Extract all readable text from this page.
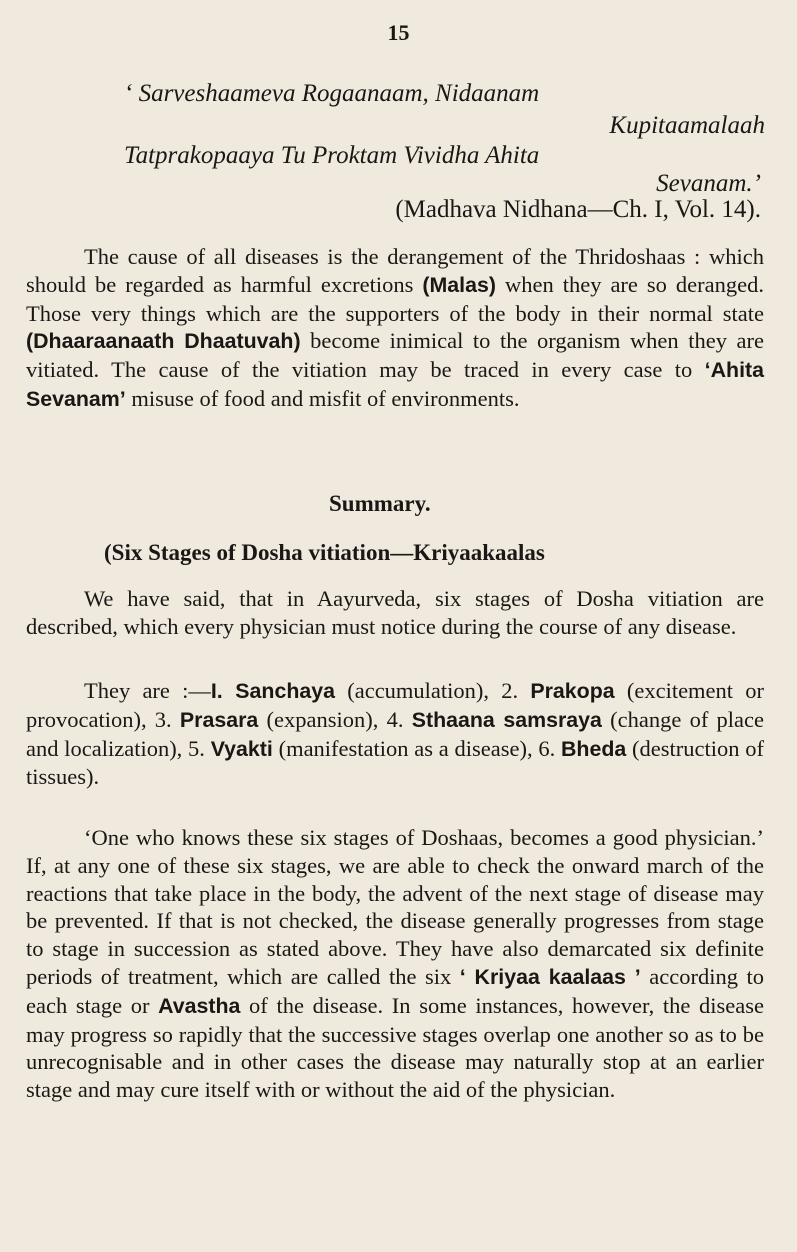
15
‘ Sarveshaameva Rogaanaam, Nidaanam
Kupitaamalaah
Tatprakopaaya Tu Proktam Vividha Ahita
Sevanam.’
(Madhava Nidhana—Ch. I, Vol. 14).
The cause of all diseases is the derangement of the Thridoshaas : which should be regarded as harmful excretions (Malas) when they are so deranged. Those very things which are the supporters of the body in their normal state (Dhaaraanaath Dhaatuvah) become inimical to the organism when they are vitiated. The cause of the vitiation may be traced in every case to ‘Ahita Sevanam’ misuse of food and misfit of environments.
Summary.
(Six Stages of Dosha vitiation—Kriyaakaalas
We have said, that in Aayurveda, six stages of Dosha vitiation are described, which every physician must notice during the course of any disease.
They are :—I. Sanchaya (accumulation), 2. Prakopa (excitement or provocation), 3. Prasara (expansion), 4. Sthaana samsraya (change of place and localization), 5. Vyakti (manifestation as a disease), 6. Bheda (destruction of tissues).
‘One who knows these six stages of Doshaas, becomes a good physician.’ If, at any one of these six stages, we are able to check the onward march of the reactions that take place in the body, the advent of the next stage of disease may be prevented. If that is not checked, the disease generally progresses from stage to stage in succession as stated above. They have also demarcated six definite periods of treatment, which are called the six ‘ Kriyaa kaalaas ’ according to each stage or Avastha of the disease. In some instances, however, the disease may progress so rapidly that the successive stages overlap one another so as to be unrecognisable and in other cases the disease may naturally stop at an earlier stage and may cure itself with or without the aid of the physician.
